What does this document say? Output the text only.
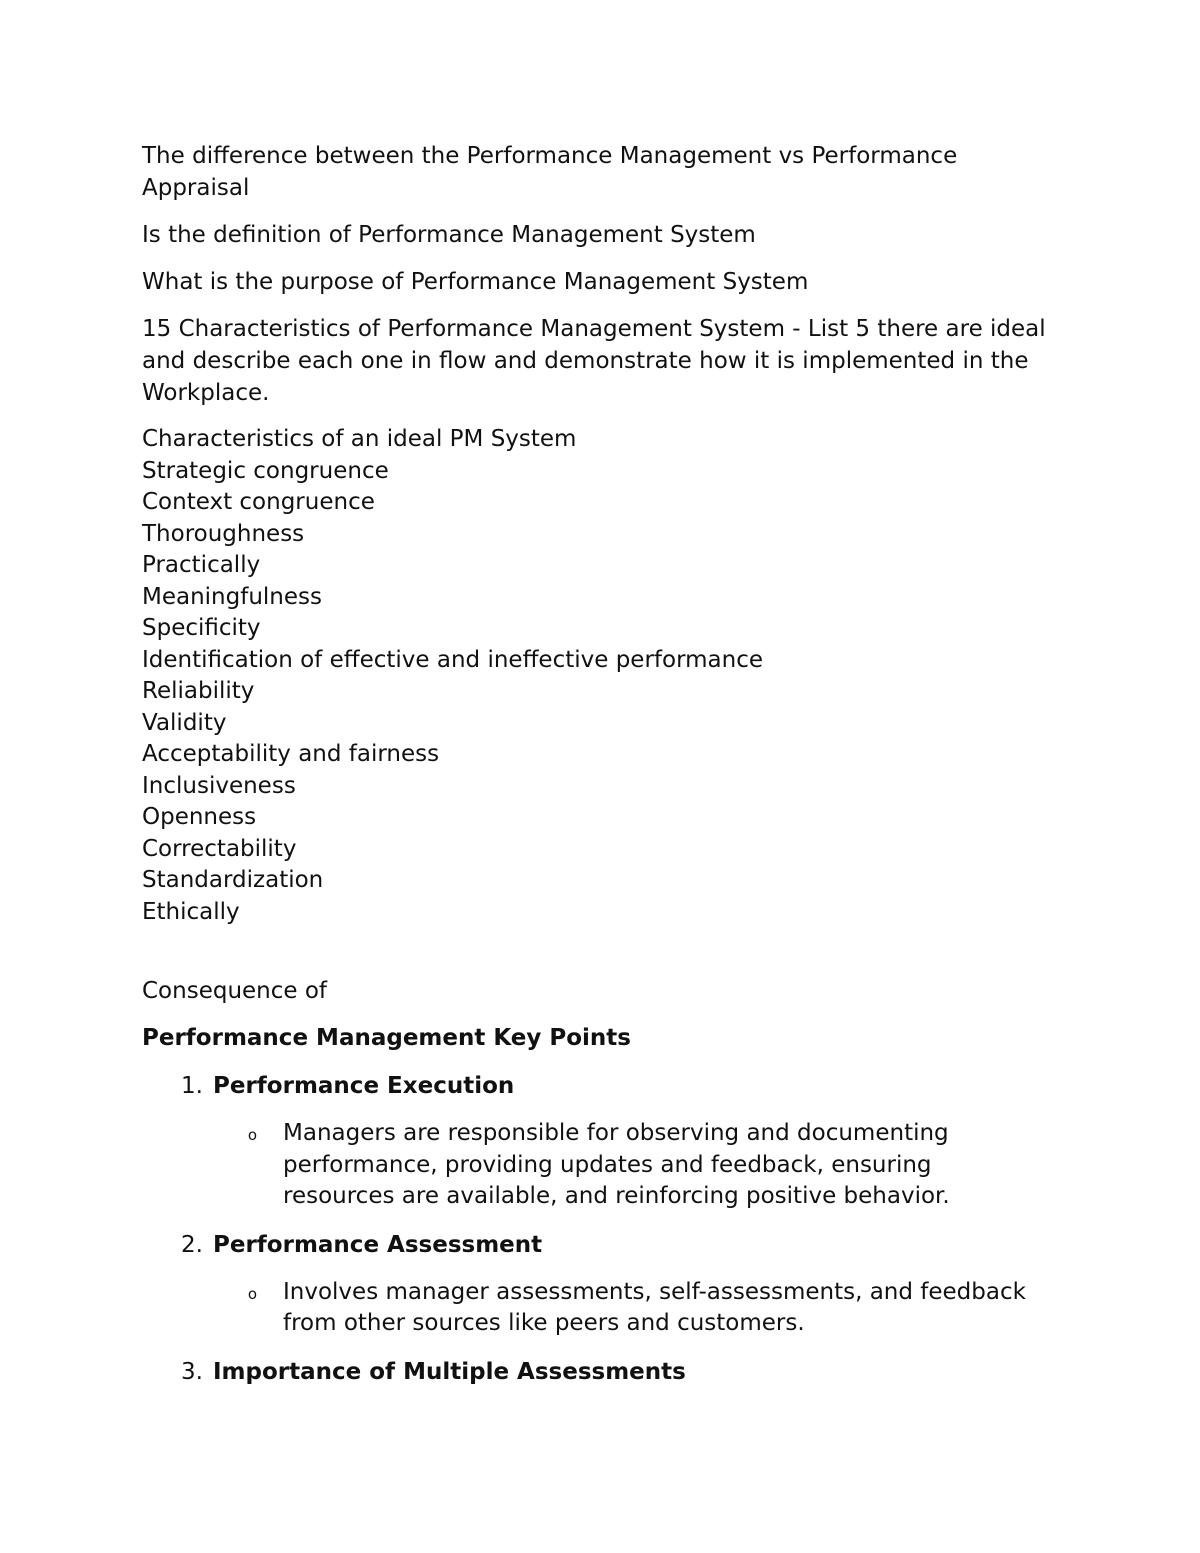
The difference between the Performance Management vs Performance Appraisal

Is the definition of Performance Management System

What is the purpose of Performance Management System

15 Characteristics of Performance Management System - List 5 there are ideal and describe each one in flow and demonstrate how it is implemented in the Workplace.

Characteristics of an ideal PM System

Strategic congruence

Context congruence

Thoroughness

Practically

Meaningfulness

Specificity

Identification of effective and ineffective performance

Reliability

Validity

Acceptability and fairness

Inclusiveness

Openness

Correctability

Standardization

Ethically

Consequence of

Performance Management Key Points

1. Performance Execution
o	Managers are responsible for observing and documenting performance, providing updates and feedback, ensuring resources are available, and reinforcing positive behavior.
2. Performance Assessment
o	Involves manager assessments, self-assessments, and feedback from other sources like peers and customers.
3. Importance of Multiple Assessments
